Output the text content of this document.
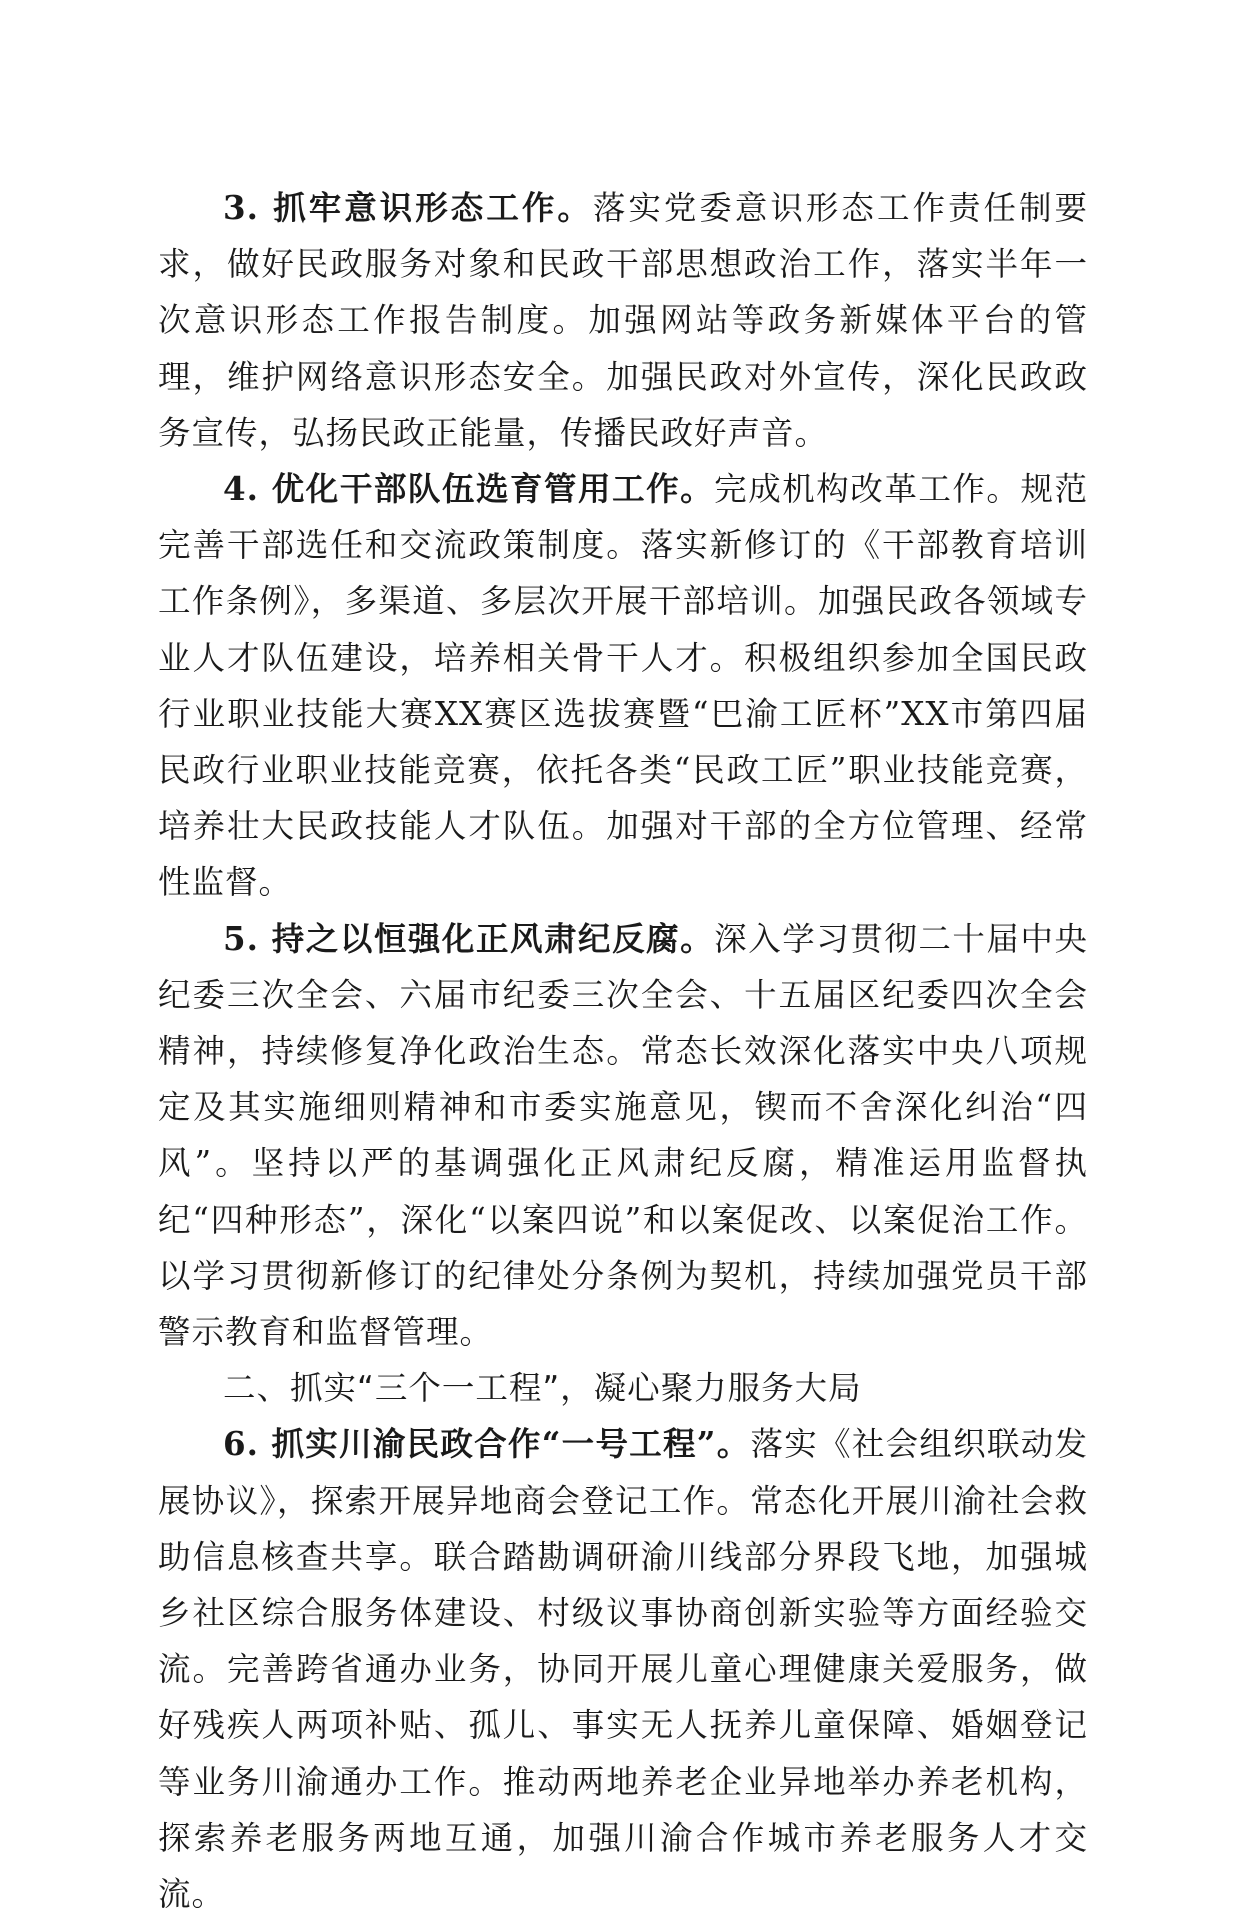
3. 抓牢意识形态工作。落实党委意识形态工作责任制要求，做好民政服务对象和民政干部思想政治工作，落实半年一次意识形态工作报告制度。加强网站等政务新媒体平台的管理，维护网络意识形态安全。加强民政对外宣传，深化民政政务宣传，弘扬民政正能量，传播民政好声音。

4. 优化干部队伍选育管用工作。完成机构改革工作。规范完善干部选任和交流政策制度。落实新修订的《干部教育培训工作条例》，多渠道、多层次开展干部培训。加强民政各领域专业人才队伍建设，培养相关骨干人才。积极组织参加全国民政行业职业技能大赛XX赛区选拔赛暨“巴渝工匠杯”XX市第四届民政行业职业技能竞赛，依托各类“民政工匠”职业技能竞赛，培养壮大民政技能人才队伍。加强对干部的全方位管理、经常性监督。

5. 持之以恒强化正风肃纪反腐。深入学习贯彻二十届中央纪委三次全会、六届市纪委三次全会、十五届区纪委四次全会精神，持续修复净化政治生态。常态长效深化落实中央八项规定及其实施细则精神和市委实施意见，锲而不舍深化纠治“四风”。坚持以严的基调强化正风肃纪反腐，精准运用监督执纪“四种形态”，深化“以案四说”和以案促改、以案促治工作。以学习贯彻新修订的纪律处分条例为契机，持续加强党员干部警示教育和监督管理。

二、抓实“三个一工程”，凝心聚力服务大局

6. 抓实川渝民政合作“一号工程”。落实《社会组织联动发展协议》，探索开展异地商会登记工作。常态化开展川渝社会救助信息核查共享。联合踏勘调研渝川线部分界段飞地，加强城乡社区综合服务体建设、村级议事协商创新实验等方面经验交流。完善跨省通办业务，协同开展儿童心理健康关爱服务，做好残疾人两项补贴、孤儿、事实无人抚养儿童保障、婚姻登记等业务川渝通办工作。推动两地养老企业异地举办养老机构，探索养老服务两地互通，加强川渝合作城市养老服务人才交流。
